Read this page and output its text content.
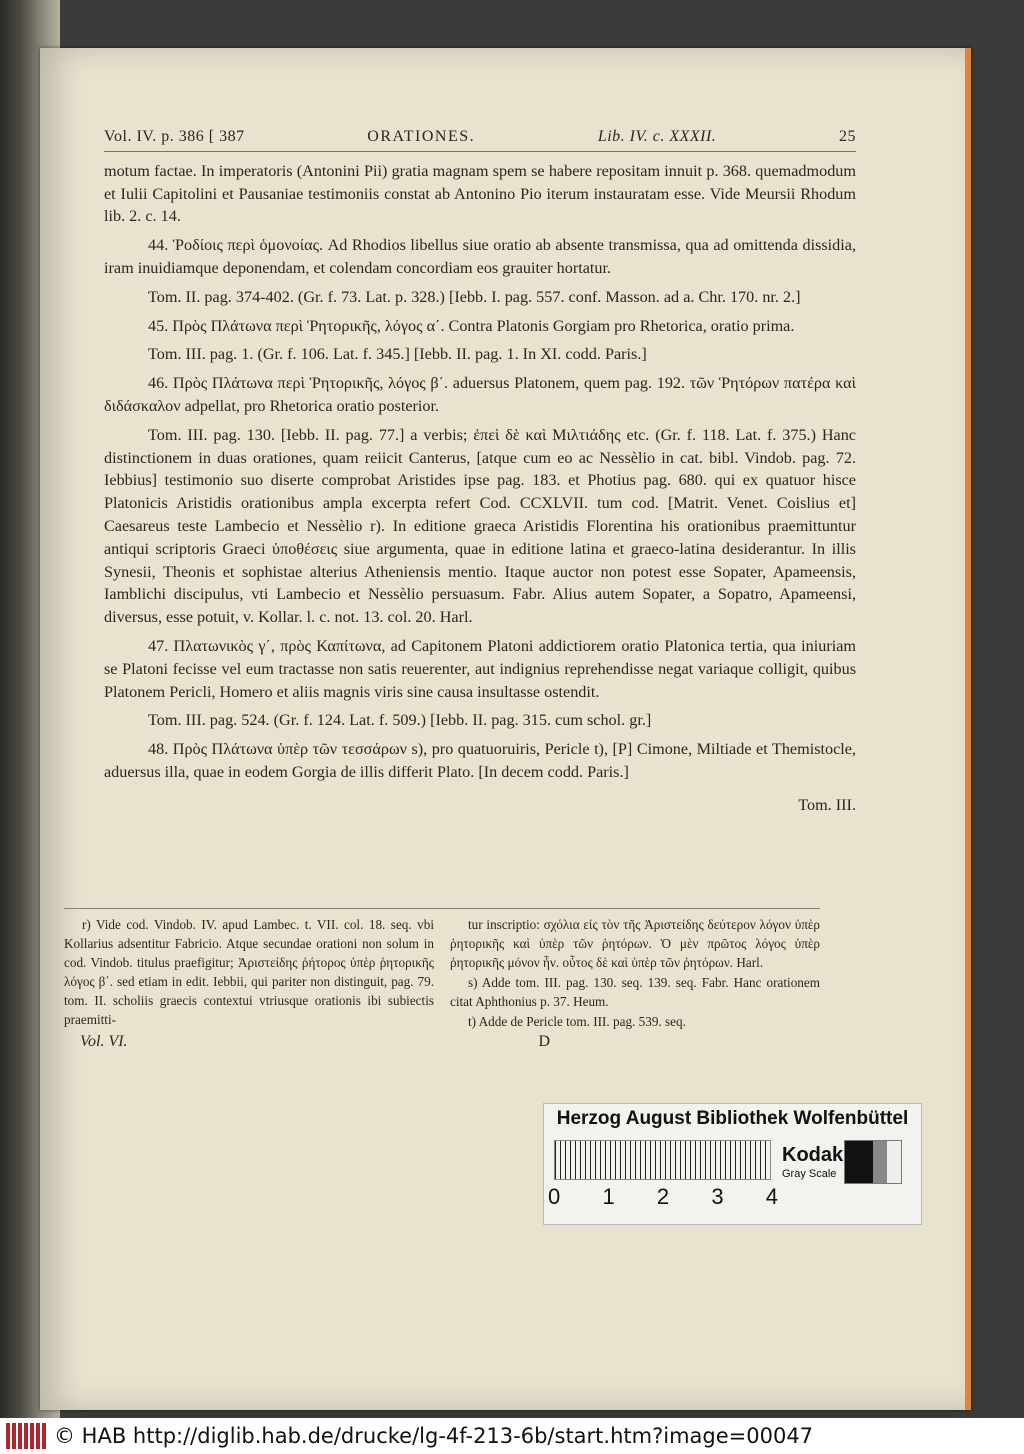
Vol. IV. p. 386 [ 387	ORATIONES.	Lib. IV. c. XXXII.	25

motum factae. In imperatoris (Antonini Pii) gratia magnam spem se habere repositam innuit p. 368. quemadmodum et Iulii Capitolini et Pausaniae testimoniis constat ab Antonino Pio iterum instauratam esse. Vide Meursii Rhodum lib. 2. c. 14.

44. Ῥοδίοις περὶ ὁμονοίας. Ad Rhodios libellus siue oratio ab absente transmissa, qua ad omittenda dissidia, iram inuidiamque deponendam, et colendam concordiam eos grauiter hortatur.

Tom. II. pag. 374-402. (Gr. f. 73. Lat. p. 328.) [Iebb. I. pag. 557. conf. Masson. ad a. Chr. 170. nr. 2.]

45. Πρὸς Πλάτωνα περὶ Ῥητορικῆς, λόγος α΄. Contra Platonis Gorgiam pro Rhetorica, oratio prima.

Tom. III. pag. 1. (Gr. f. 106. Lat. f. 345.] [Iebb. II. pag. 1. In XI. codd. Paris.]

46. Πρὸς Πλάτωνα περὶ Ῥητορικῆς, λόγος β΄. aduersus Platonem, quem pag. 192. τῶν Ῥητόρων πατέρα καὶ διδάσκαλον adpellat, pro Rhetorica oratio posterior.

Tom. III. pag. 130. [Iebb. II. pag. 77.] a verbis; ἐπεὶ δὲ καὶ Μιλτιάδης etc. (Gr. f. 118. Lat. f. 375.) Hanc distinctionem in duas orationes, quam reiicit Canterus, [atque cum eo ac Nessèlio in cat. bibl. Vindob. pag. 72. Iebbius] testimonio suo diserte comprobat Aristides ipse pag. 183. et Photius pag. 680. qui ex quatuor hisce Platonicis Aristidis orationibus ampla excerpta refert Cod. CCXLVII. tum cod. [Matrit. Venet. Coislius et] Caesareus teste Lambecio et Nessèlio r). In editione graeca Aristidis Florentina his orationibus praemittuntur antiqui scriptoris Graeci ὑποθέσεις siue argumenta, quae in editione latina et graeco-latina desiderantur. In illis Synesii, Theonis et sophistae alterius Atheniensis mentio. Itaque auctor non potest esse Sopater, Apameensis, Iamblichi discipulus, vti Lambecio et Nessèlio persuasum. Fabr. Alius autem Sopater, a Sopatro, Apameensi, diversus, esse potuit, v. Kollar. l. c. not. 13. col. 20. Harl.

47. Πλατωνικὸς γ΄, πρὸς Καπίτωνα, ad Capitonem Platoni addictiorem oratio Platonica tertia, qua iniuriam se Platoni fecisse vel eum tractasse non satis reuerenter, aut indignius reprehendisse negat variaque colligit, quibus Platonem Pericli, Homero et aliis magnis viris sine causa insultasse ostendit.

Tom. III. pag. 524. (Gr. f. 124. Lat. f. 509.) [Iebb. II. pag. 315. cum schol. gr.]

48. Πρὸς Πλάτωνα ὑπὲρ τῶν τεσσάρων s), pro quatuoruiris, Pericle t), [P] Cimone, Miltiade et Themistocle, aduersus illa, quae in eodem Gorgia de illis differit Plato. [In decem codd. Paris.]

Tom. III.

r) Vide cod. Vindob. IV. apud Lambec. t. VII. col. 18. seq. vbi Kollarius adsentitur Fabricio. Atque secundae orationi non solum in cod. Vindob. titulus praefigitur; Ἀριστείδης ῥήτορος ὑπὲρ ῥητορικῆς λόγος β΄. sed etiam in edit. Iebbii, qui pariter non distinguit, pag. 79. tom. II. scholiis graecis contextui vtriusque orationis ibi subiectis praemitti-

tur inscriptio: σχόλια εἰς τὸν τῆς Ἀριστείδης δεύτερον λόγον ὑπὲρ ῥητορικῆς καὶ ὑπὲρ τῶν ῥητόρων. Ὁ μὲν πρῶτος λόγος ὑπὲρ ῥητορικῆς μόνον ἦν. οὗτος δὲ καὶ ὑπὲρ τῶν ῥητόρων. Harl.

s) Adde tom. III. pag. 130. seq. 139. seq. Fabr. Hanc orationem citat Aphthonius p. 37. Heum.

t) Adde de Pericle tom. III. pag. 539. seq.

Vol. VI.	D
Herzog August Bibliothek Wolfenbüttel
0 1 2 3 4
Kodak
Gray Scale
© HAB http://diglib.hab.de/drucke/lg-4f-213-6b/start.htm?image=00047
